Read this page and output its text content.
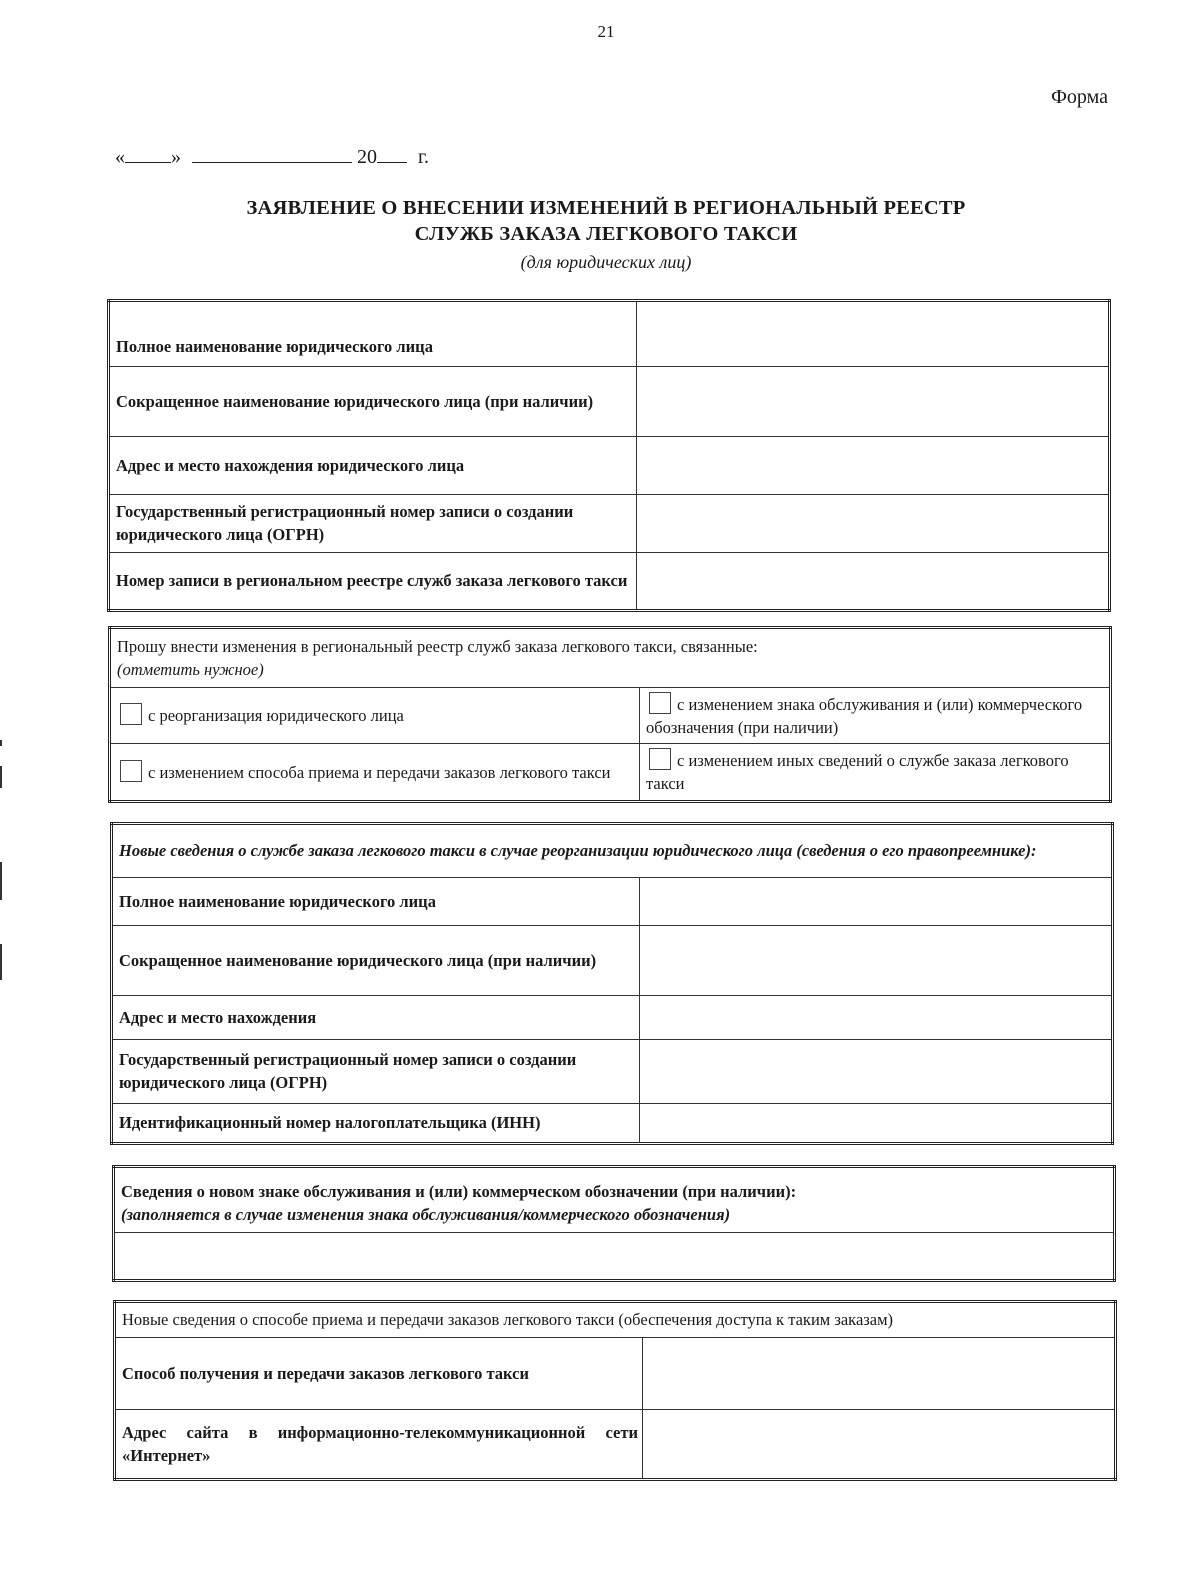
21
Форма
« »	20 г.
ЗАЯВЛЕНИЕ О ВНЕСЕНИИ ИЗМЕНЕНИЙ В РЕГИОНАЛЬНЫЙ РЕЕСТР
СЛУЖБ ЗАКАЗА ЛЕГКОВОГО ТАКСИ
(для юридических лиц)
Полное наименование юридического лица	
Сокращенное наименование юридического лица (при наличии)	
Адрес и место нахождения юридического лица	
Государственный регистрационный номер записи о создании юридического лица (ОГРН)	
Номер записи в региональном реестре служб заказа легкового такси	
Прошу внести изменения в региональный реестр служб заказа легкового такси, связанные:
(отметить нужное)	

с реорганизация юридического лица	с изменением знака обслуживания и (или) коммерческого обозначения (при наличии)
с изменением способа приема и передачи заказов легкового такси	с изменением иных сведений о службе заказа легкового такси
Новые сведения о службе заказа легкового такси в случае реорганизации юридического лица (сведения о его правопреемнике):	
Полное наименование юридического лица	
Сокращенное наименование юридического лица (при наличии)	
Адрес и место нахождения	
Государственный регистрационный номер записи о создании юридического лица (ОГРН)	
Идентификационный номер налогоплательщика (ИНН)	
Сведения о новом знаке обслуживания и (или) коммерческом обозначении (при наличии):
(заполняется в случае изменения знака обслуживания/коммерческого обозначения)

Новые сведения о способе приема и передачи заказов легкового такси (обеспечения доступа к таким заказам)	
Способ получения и передачи заказов легкового такси	
Адрес сайта в информационно-телекоммуникационной сети «Интернет»	
